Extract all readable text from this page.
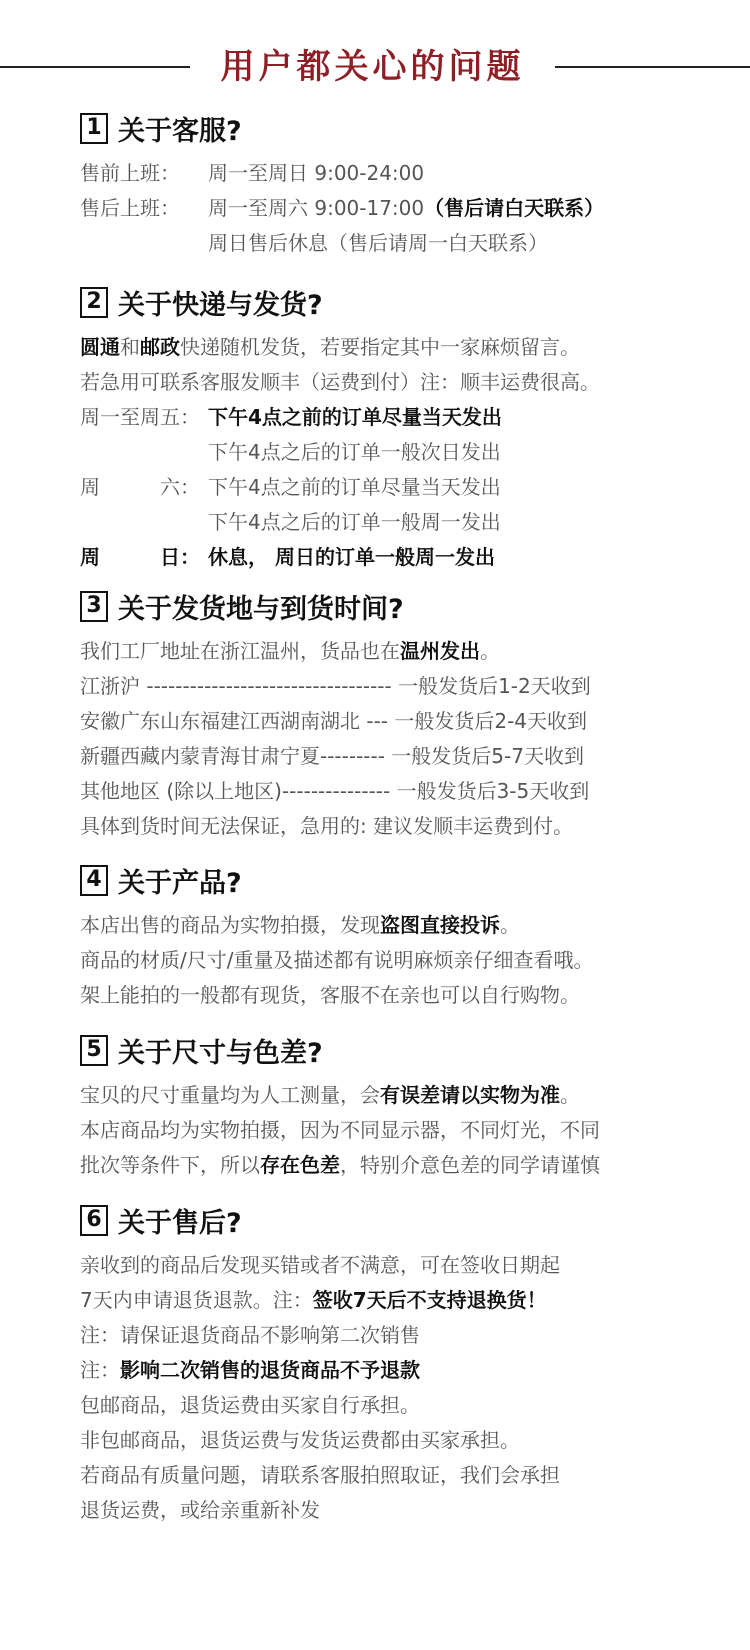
用户都关心的问题
1 关于客服?
售前上班： 周一至周日 9:00-24:00
售后上班： 周一至周六 9:00-17:00（售后请白天联系）
周日售后休息（售后请周一白天联系）
2 关于快递与发货?
圆通和邮政快递随机发货，若要指定其中一家麻烦留言。
若急用可联系客服发顺丰（运费到付）注：顺丰运费很高。
周一至周五： 下午4点之前的订单尽量当天发出
下午4点之后的订单一般次日发出
周	六： 下午4点之前的订单尽量当天发出
下午4点之后的订单一般周一发出
周	日： 休息， 周日的订单一般周一发出
3 关于发货地与到货时间?
我们工厂地址在浙江温州，货品也在温州发出。
江浙沪 ---------------------------------- 一般发货后1-2天收到
安徽广东山东福建江西湖南湖北 --- 一般发货后2-4天收到
新疆西藏内蒙青海甘肃宁夏--------- 一般发货后5-7天收到
其他地区 (除以上地区)--------------- 一般发货后3-5天收到
具体到货时间无法保证，急用的: 建议发顺丰运费到付。
4 关于产品?
本店出售的商品为实物拍摄，发现盗图直接投诉。
商品的材质/尺寸/重量及描述都有说明麻烦亲仔细查看哦。
架上能拍的一般都有现货，客服不在亲也可以自行购物。
5 关于尺寸与色差?
宝贝的尺寸重量均为人工测量，会有误差请以实物为准。
本店商品均为实物拍摄，因为不同显示器，不同灯光，不同
批次等条件下，所以存在色差，特别介意色差的同学请谨慎
6 关于售后?
亲收到的商品后发现买错或者不满意，可在签收日期起
7天内申请退货退款。注：签收7天后不支持退换货！
注：请保证退货商品不影响第二次销售
注：影响二次销售的退货商品不予退款
包邮商品，退货运费由买家自行承担。
非包邮商品，退货运费与发货运费都由买家承担。
若商品有质量问题，请联系客服拍照取证，我们会承担
退货运费，或给亲重新补发
